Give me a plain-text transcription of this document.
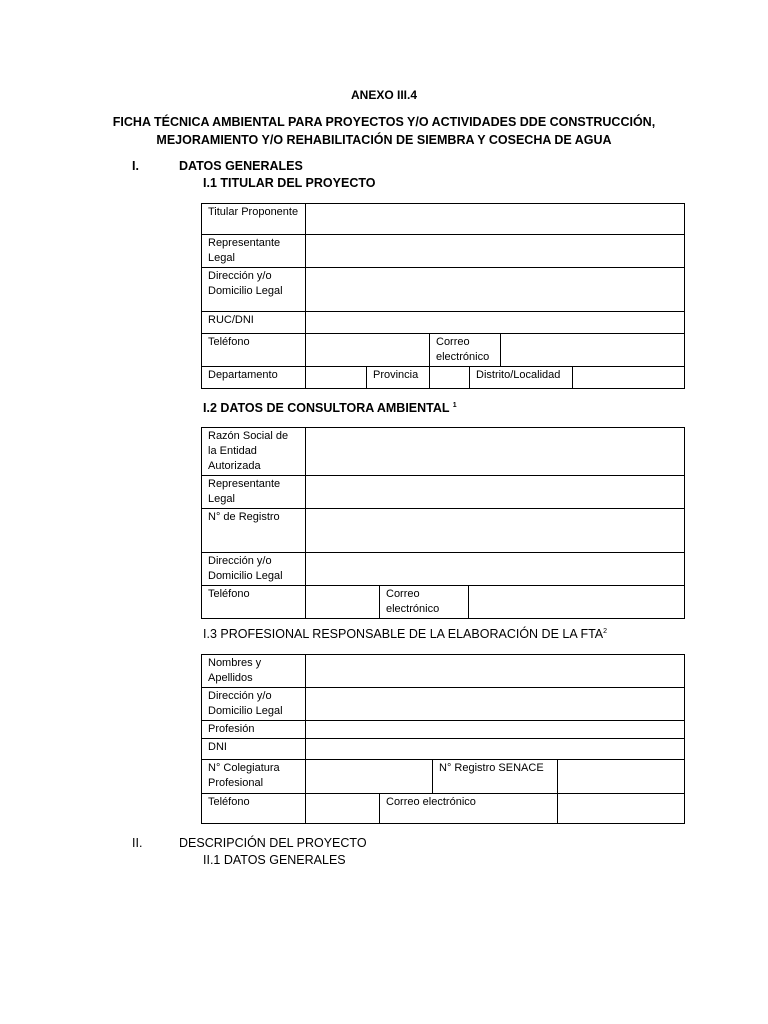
ANEXO III.4
FICHA TÉCNICA AMBIENTAL PARA PROYECTOS Y/O ACTIVIDADES DDE CONSTRUCCIÓN,
MEJORAMIENTO Y/O REHABILITACIÓN DE SIEMBRA Y COSECHA DE AGUA
I.	DATOS GENERALES
I.1 TITULAR DEL PROYECTO
Titular Proponente						
Representante Legal						
Dirección y/o Domicilio Legal						
RUC/DNI						
Teléfono			Correo electrónico			
Departamento		Provincia		Distrito/Localidad		
I.2 DATOS DE CONSULTORA AMBIENTAL $^1$
Razón Social de la Entidad Autorizada			
Representante Legal			
N° de Registro			
Dirección y/o Domicilio Legal			
Teléfono		Correo electrónico	
I.3 PROFESIONAL RESPONSABLE DE LA ELABORACIÓN DE LA FTA$^2$
Nombres y Apellidos				
Dirección y/o Domicilio Legal				
Profesión				
DNI				
N° Colegiatura Profesional			N° Registro SENACE	
Teléfono		Correo electrónico		
II.	DESCRIPCIÓN DEL PROYECTO
II.1 DATOS GENERALES
